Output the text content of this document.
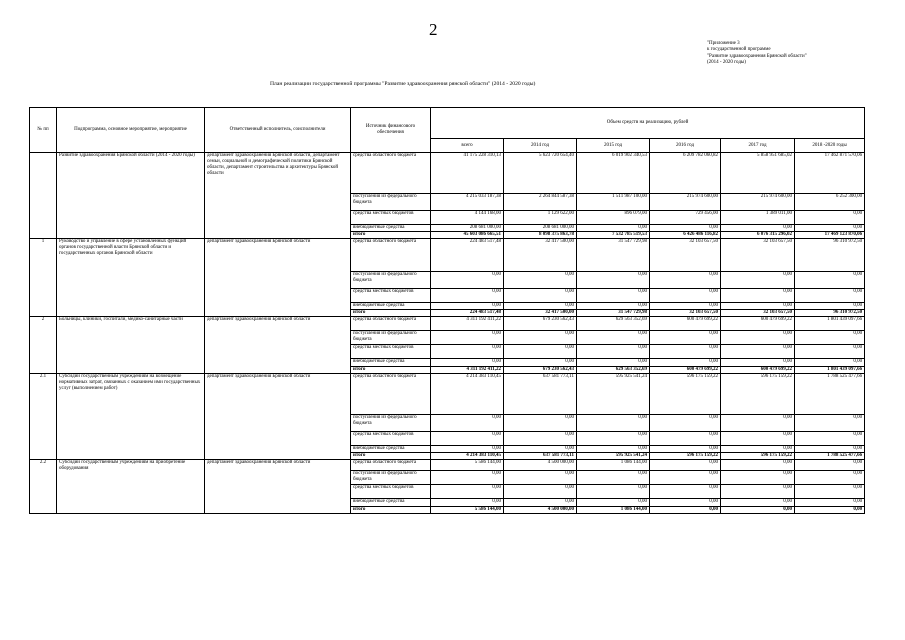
2
"Приложение 3
к государственной программе
"Развитие здравоохранения Брянской области"
(2014 - 2020 годы)
План реализации государственной программы "Развитие здравоохранения рянской области" (2014 - 2020 годы)
№ пп	Подпрограмма, основное мероприятие, мероприятие	Ответственный исполнитель, соисполнители	Источник финансового обеспечения	Объем средств на реализацию, рублей					
				всего	2014 год	2015 год	2016 год	2017 год	2018 -2020 годы
	Развитие здравоохранения Брянской области (2014 - 2020 годы)	департамент здравоохранения Брянской области, департамент семьи, социальной и демографической политики Брянской области, департамент строительства и архитектуры Брянской области	средства областного бюджета	41 175 228 310,13	5 623 720 654,40	6 019 902 340,53	6 209 782 060,82	5 858 951 685,02	17 462 871 570,06
			поступления из федерального бюджета	4 215 033 187,38	2 264 844 587,38	1 511 987 100,00	215 974 600,00	215 974 600,00	6 252 300,00
			средства местных бюджетов	4 144 168,00	1 129 622,00	896 079,00	729 456,00	1 389 011,00	0,00
			внебюджетные средства	208 681 000,00	208 681 000,00	0,00	0,00	0,00	0,00
			итого	45 603 086 665,51	8 098 375 863,78	7 532 785 519,53	6 426 486 116,82	6 076 315 296,02	17 469 123 870,06
1	Руководство и управление в сфере установленных функций органов государственной власти Брянской области и государственных органов Брянской области	департамент здравоохранения Брянской области	средства областного бюджета	224 483 517,48	32 417 500,00	31 547 729,98	32 103 657,50	32 103 657,50	96 310 972,50
			поступления из федерального бюджета	0,00	0,00	0,00	0,00	0,00	0,00
			средства местных бюджетов	0,00	0,00	0,00	0,00	0,00	0,00
			внебюджетные средства	0,00	0,00	0,00	0,00	0,00	0,00
			итого	224 483 517,48	32 417 500,00	31 547 729,98	32 103 657,50	32 103 657,50	96 310 972,50
2	Больницы, клиники, госпитали, медико-санитарные части	департамент здравоохранения Брянской области	средства областного бюджета	4 311 192 411,22	679 230 562,43	629 563 352,69	600 479 699,22	600 479 699,22	1 801 439 097,66
			поступления из федерального бюджета	0,00	0,00	0,00	0,00	0,00	0,00
			средства местных бюджетов	0,00	0,00	0,00	0,00	0,00	0,00
			внебюджетные средства	0,00	0,00	0,00	0,00	0,00	0,00
			итого	4 311 192 411,22	679 230 562,43	629 563 352,69	600 479 699,22	600 479 699,22	1 801 439 097,66
2.1	Субсидии государственным учреждениям на возмещение нормативных затрат, связанных с оказанием ими государственных услуг (выполнением работ)	департамент здравоохранения Брянской области	средства областного бюджета	4 214 383 110,45	637 581 773,11	595 925 541,24	596 175 159,22	596 175 159,22	1 788 525 477,66
			поступления из федерального бюджета	0,00	0,00	0,00	0,00	0,00	0,00
			средства местных бюджетов	0,00	0,00	0,00	0,00	0,00	0,00
			внебюджетные средства	0,00	0,00	0,00	0,00	0,00	0,00
			итого	4 214 383 110,45	637 581 773,11	595 925 541,24	596 175 159,22	596 175 159,22	1 788 525 477,66
2.2	Субсидии государственным учреждениям на приобретение оборудования	департамент здравоохранения Брянской области	средства областного бюджета	5 586 144,00	4 500 000,00	1 086 144,00	0,00	0,00	0,00
			поступления из федерального бюджета	0,00	0,00	0,00	0,00	0,00	0,00
			средства местных бюджетов	0,00	0,00	0,00	0,00	0,00	0,00
			внебюджетные средства	0,00	0,00	0,00	0,00	0,00	0,00
			итого	5 586 144,00	4 500 000,00	1 086 144,00	0,00	0,00	0,00
